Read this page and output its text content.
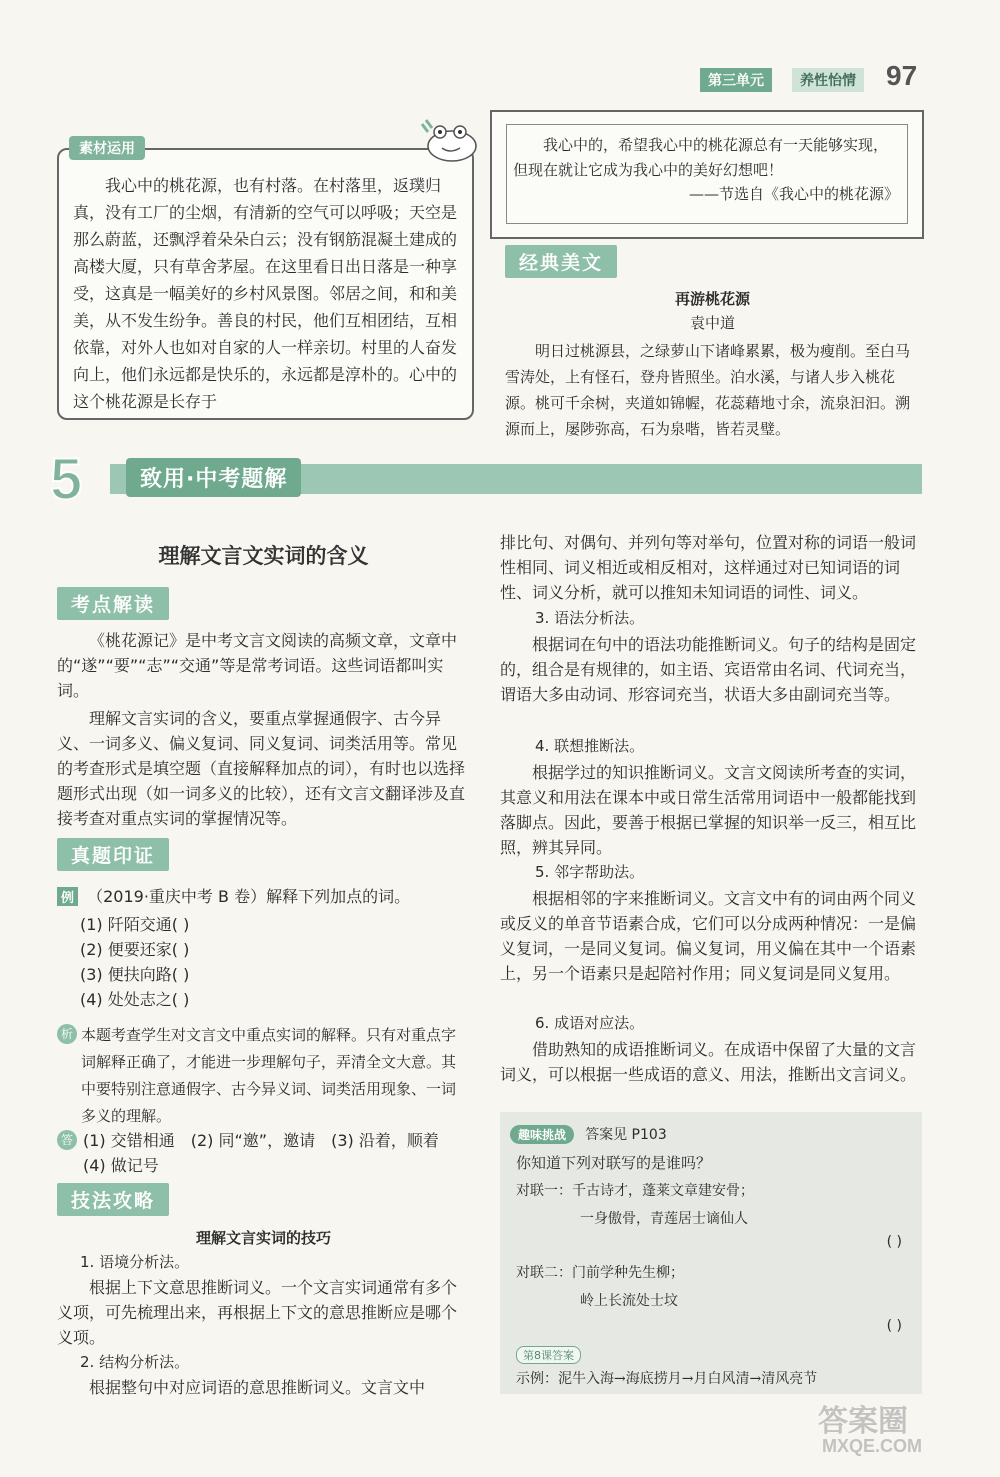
第三单元	养性怡情 97
素材运用

我心中的桃花源，也有村落。在村落里，返璞归真，没有工厂的尘烟，有清新的空气可以呼吸；天空是那么蔚蓝，还飘浮着朵朵白云；没有钢筋混凝土建成的高楼大厦，只有草舍茅屋。在这里看日出日落是一种享受，这真是一幅美好的乡村风景图。邻居之间，和和美美，从不发生纷争。善良的村民，他们互相团结，互相依靠，对外人也如对自家的人一样亲切。村里的人奋发向上，他们永远都是快乐的，永远都是淳朴的。心中的这个桃花源是长存于

我心中的，希望我心中的桃花源总有一天能够实现，但现在就让它成为我心中的美好幻想吧！

——节选自《我心中的桃花源》

经典美文

再游桃花源

袁中道

明日过桃源县，之绿萝山下诸峰累累，极为瘦削。至白马雪涛处，上有怪石，登舟皆照坐。泊水溪，与诸人步入桃花源。桃可千余树，夹道如锦幄，花蕊藉地寸余，流泉汩汩。溯源而上，屡陟弥高，石为泉喈，皆若灵璧。

5	致用·中考题解

理解文言文实词的含义

考点解读

《桃花源记》是中考文言文阅读的高频文章，文章中的“遂”“要”“志”“交通”等是常考词语。这些词语都叫实词。

理解文言实词的含义，要重点掌握通假字、古今异义、一词多义、偏义复词、同义复词、词类活用等。常见的考查形式是填空题（直接解释加点的词），有时也以选择题形式出现（如一词多义的比较），还有文言文翻译涉及直接考查对重点实词的掌握情况等。

真题印证
例 （2019·重庆中考 B 卷）解释下列加点的词。

(1) 阡陌交通( )

(2) 便要还家( )

(3) 便扶向路( )

(4) 处处志之( )

析 本题考查学生对文言文中重点实词的解释。只有对重点字词解释正确了，才能进一步理解句子，弄清全文大意。其中要特别注意通假字、古今异义词、词类活用现象、一词多义的理解。

答 (1) 交错相通　(2) 同“邀”，邀请　(3) 沿着，顺着

(4) 做记号

技法攻略

理解文言实词的技巧

1. 语境分析法。

根据上下文意思推断词义。一个文言实词通常有多个义项，可先梳理出来，再根据上下文的意思推断应是哪个义项。

2. 结构分析法。

根据整句中对应词语的意思推断词义。文言文中

排比句、对偶句、并列句等对举句，位置对称的词语一般词性相同、词义相近或相反相对，这样通过对已知词语的词性、词义分析，就可以推知未知词语的词性、词义。

3. 语法分析法。

根据词在句中的语法功能推断词义。句子的结构是固定的，组合是有规律的，如主语、宾语常由名词、代词充当，谓语大多由动词、形容词充当，状语大多由副词充当等。

4. 联想推断法。

根据学过的知识推断词义。文言文阅读所考查的实词，其意义和用法在课本中或日常生活常用词语中一般都能找到落脚点。因此，要善于根据已掌握的知识举一反三，相互比照，辨其异同。

5. 邻字帮助法。

根据相邻的字来推断词义。文言文中有的词由两个同义或反义的单音节语素合成，它们可以分成两种情况：一是偏义复词，一是同义复词。偏义复词，用义偏在其中一个语素上，另一个语素只是起陪衬作用；同义复词是同义复用。

6. 成语对应法。

借助熟知的成语推断词义。在成语中保留了大量的文言词义，可以根据一些成语的意义、用法，推断出文言词义。

趣味挑战 答案见 P103

你知道下列对联写的是谁吗？

对联一：千古诗才，蓬莱文章建安骨；

一身傲骨，青莲居士谪仙人

( )

对联二：门前学种先生柳；

岭上长流处士坟

( )

第8课答案

示例：泥牛入海→海底捞月→月白风清→清风亮节

答案圈
MXQE.COM
